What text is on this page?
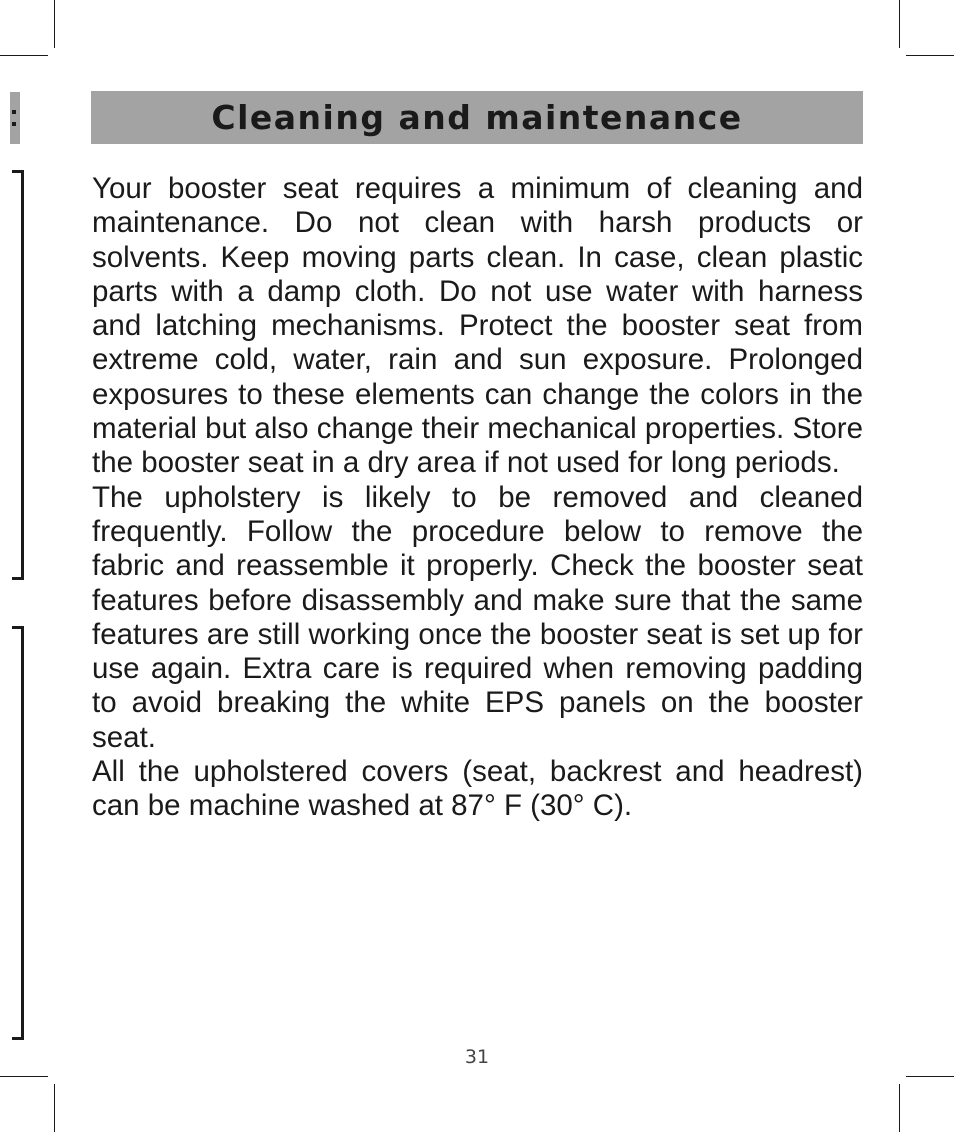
Cleaning and maintenance

Your booster seat requires a minimum of cleaning and maintenance. Do not clean with harsh products or solvents. Keep moving parts clean. In case, clean plastic parts with a damp cloth. Do not use water with harness and latching mechanisms. Protect the booster seat from extreme cold, water, rain and sun exposure. Prolonged exposures to these elements can change the colors in the material but also change their mechanical properties. Store the booster seat in a dry area if not used for long periods.

The upholstery is likely to be removed and cleaned frequently. Follow the procedure below to remove the fabric and reassemble it properly. Check the booster seat features before disassembly and make sure that the same features are still working once the booster seat is set up for use again. Extra care is required when removing padding to avoid breaking the white EPS panels on the booster seat.

All the upholstered covers (seat, backrest and headrest) can be machine washed at 87° F (30° C).

31
